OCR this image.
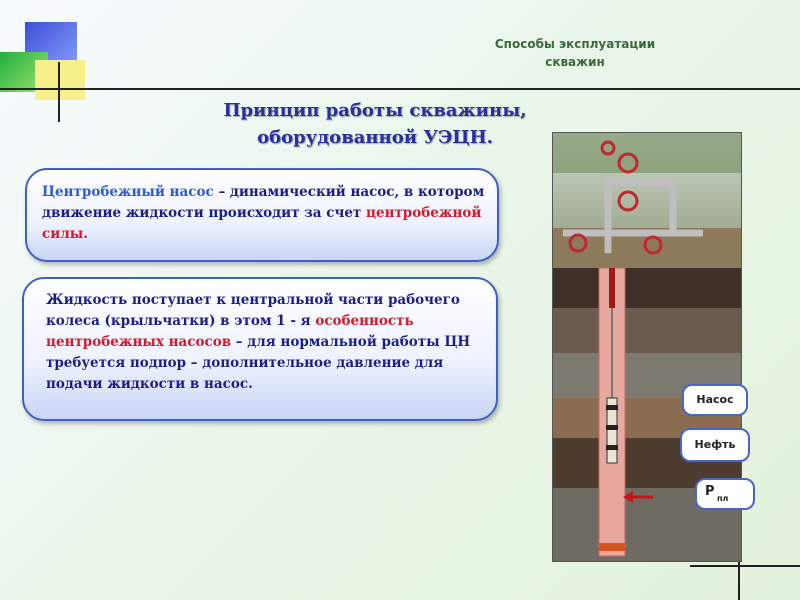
Способы эксплуатации
скважин
Принцип работы скважины,
оборудованной УЭЦН.
Центробежный насос – динамический насос, в котором движение жидкости происходит за счет центробежной силы.
Жидкость поступает к центральной части рабочего колеса (крыльчатки) в этом 1 - я особенность центробежных насосов – для нормальной работы ЦН требуется подпор – дополнительное давление для подачи жидкости в насос.
Насос
Нефть
Р пл
